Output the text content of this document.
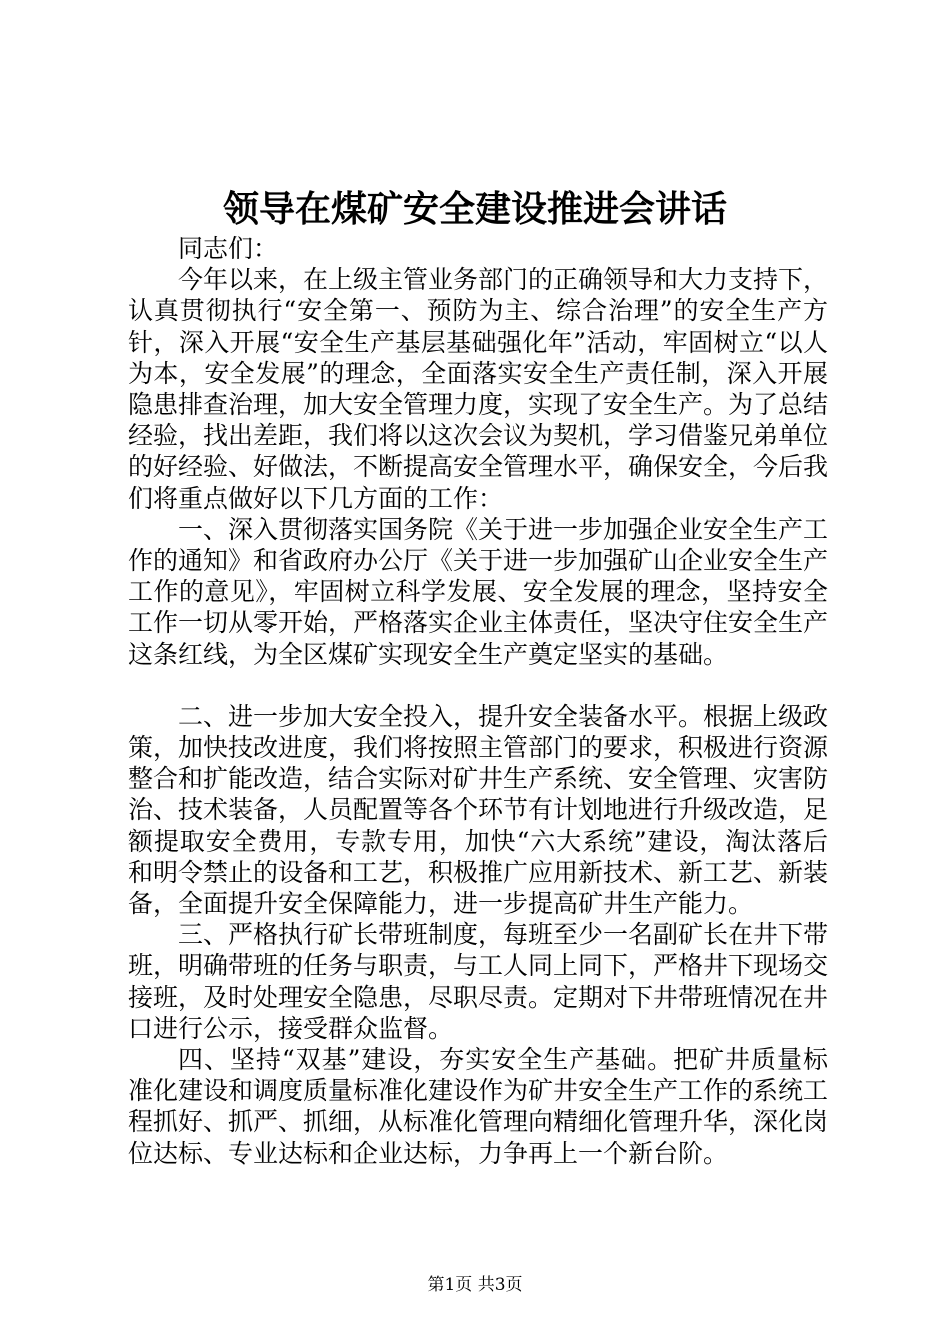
领导在煤矿安全建设推进会讲话

同志们：

今年以来，在上级主管业务部门的正确领导和大力支持下，认真贯彻执行“安全第一、预防为主、综合治理”的安全生产方针，深入开展“安全生产基层基础强化年”活动，牢固树立“以人为本，安全发展”的理念，全面落实安全生产责任制，深入开展隐患排查治理，加大安全管理力度，实现了安全生产。为了总结经验，找出差距，我们将以这次会议为契机，学习借鉴兄弟单位的好经验、好做法，不断提高安全管理水平，确保安全，今后我们将重点做好以下几方面的工作：

一、深入贯彻落实国务院《关于进一步加强企业安全生产工作的通知》和省政府办公厅《关于进一步加强矿山企业安全生产工作的意见》，牢固树立科学发展、安全发展的理念，坚持安全工作一切从零开始，严格落实企业主体责任，坚决守住安全生产这条红线，为全区煤矿实现安全生产奠定坚实的基础。

二、进一步加大安全投入，提升安全装备水平。根据上级政策，加快技改进度，我们将按照主管部门的要求，积极进行资源整合和扩能改造，结合实际对矿井生产系统、安全管理、灾害防治、技术装备，人员配置等各个环节有计划地进行升级改造，足额提取安全费用，专款专用，加快“六大系统”建设，淘汰落后和明令禁止的设备和工艺，积极推广应用新技术、新工艺、新装备，全面提升安全保障能力，进一步提高矿井生产能力。

三、严格执行矿长带班制度，每班至少一名副矿长在井下带班，明确带班的任务与职责，与工人同上同下，严格井下现场交接班，及时处理安全隐患，尽职尽责。定期对下井带班情况在井口进行公示，接受群众监督。

四、坚持“双基”建设，夯实安全生产基础。把矿井质量标准化建设和调度质量标准化建设作为矿井安全生产工作的系统工程抓好、抓严、抓细，从标准化管理向精细化管理升华，深化岗位达标、专业达标和企业达标，力争再上一个新台阶。

第1页 共3页
